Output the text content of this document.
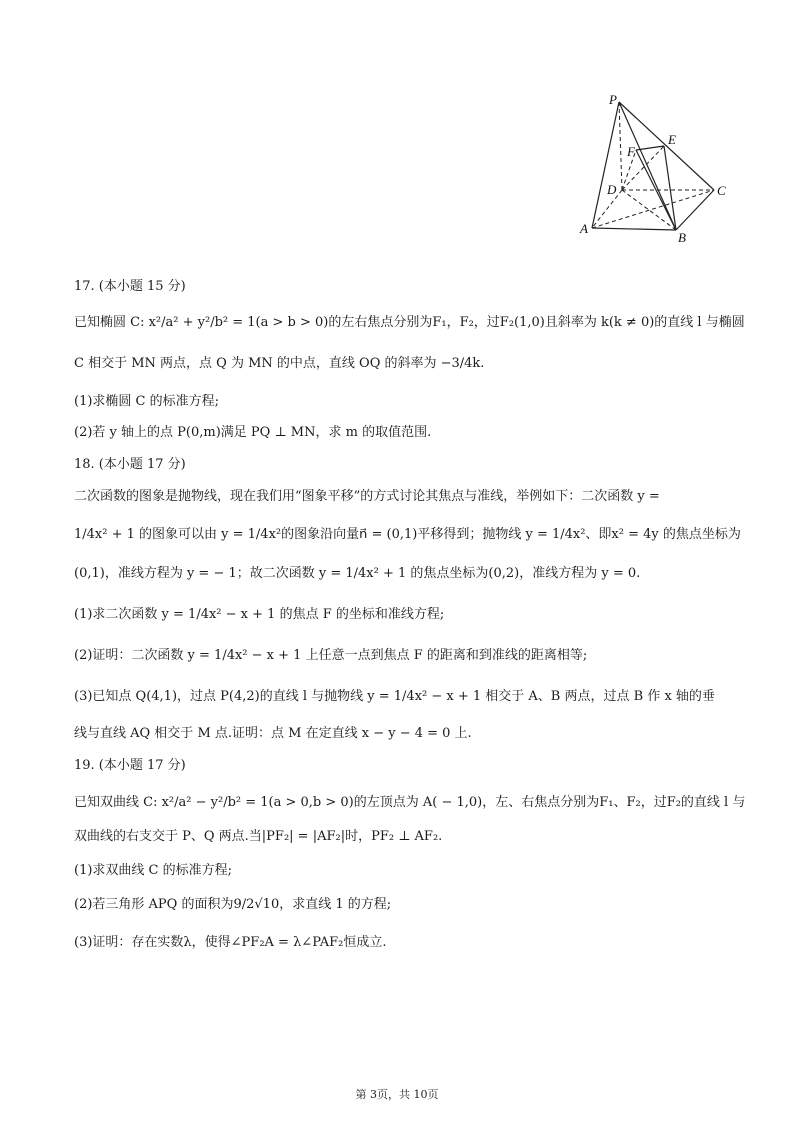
P
E
F
D	C
A
B
17. (本小题 15 分)
已知椭圆 C: x²/a² + y²/b² = 1(a > b > 0)的左右焦点分别为F₁，F₂，过F₂(1,0)且斜率为 k(k ≠ 0)的直线 l 与椭圆
C 相交于 MN 两点，点 Q 为 MN 的中点，直线 OQ 的斜率为 −3/4k.
(1)求椭圆 C 的标准方程;
(2)若 y 轴上的点 P(0,m)满足 PQ ⊥ MN，求 m 的取值范围.
18. (本小题 17 分)
二次函数的图象是抛物线，现在我们用“图象平移”的方式讨论其焦点与准线，举例如下：二次函数 y =
1/4x² + 1 的图象可以由 y = 1/4x²的图象沿向量n⃗ = (0,1)平移得到；抛物线 y = 1/4x²、即x² = 4y 的焦点坐标为
(0,1)，准线方程为 y = − 1；故二次函数 y = 1/4x² + 1 的焦点坐标为(0,2)，准线方程为 y = 0.
(1)求二次函数 y = 1/4x² − x + 1 的焦点 F 的坐标和准线方程;
(2)证明：二次函数 y = 1/4x² − x + 1 上任意一点到焦点 F 的距离和到准线的距离相等;
(3)已知点 Q(4,1)，过点 P(4,2)的直线 l 与抛物线 y = 1/4x² − x + 1 相交于 A、B 两点，过点 B 作 x 轴的垂
线与直线 AQ 相交于 M 点.证明：点 M 在定直线 x − y − 4 = 0 上.
19. (本小题 17 分)
已知双曲线 C: x²/a² − y²/b² = 1(a > 0,b > 0)的左顶点为 A( − 1,0)，左、右焦点分别为F₁、F₂，过F₂的直线 l 与
双曲线的右支交于 P、Q 两点.当|PF₂| = |AF₂|时，PF₂ ⊥ AF₂.
(1)求双曲线 C 的标准方程;
(2)若三角形 APQ 的面积为9/2√10，求直线 1 的方程;
(3)证明：存在实数λ，使得∠PF₂A = λ∠PAF₂恒成立.
第 3页，共 10页
